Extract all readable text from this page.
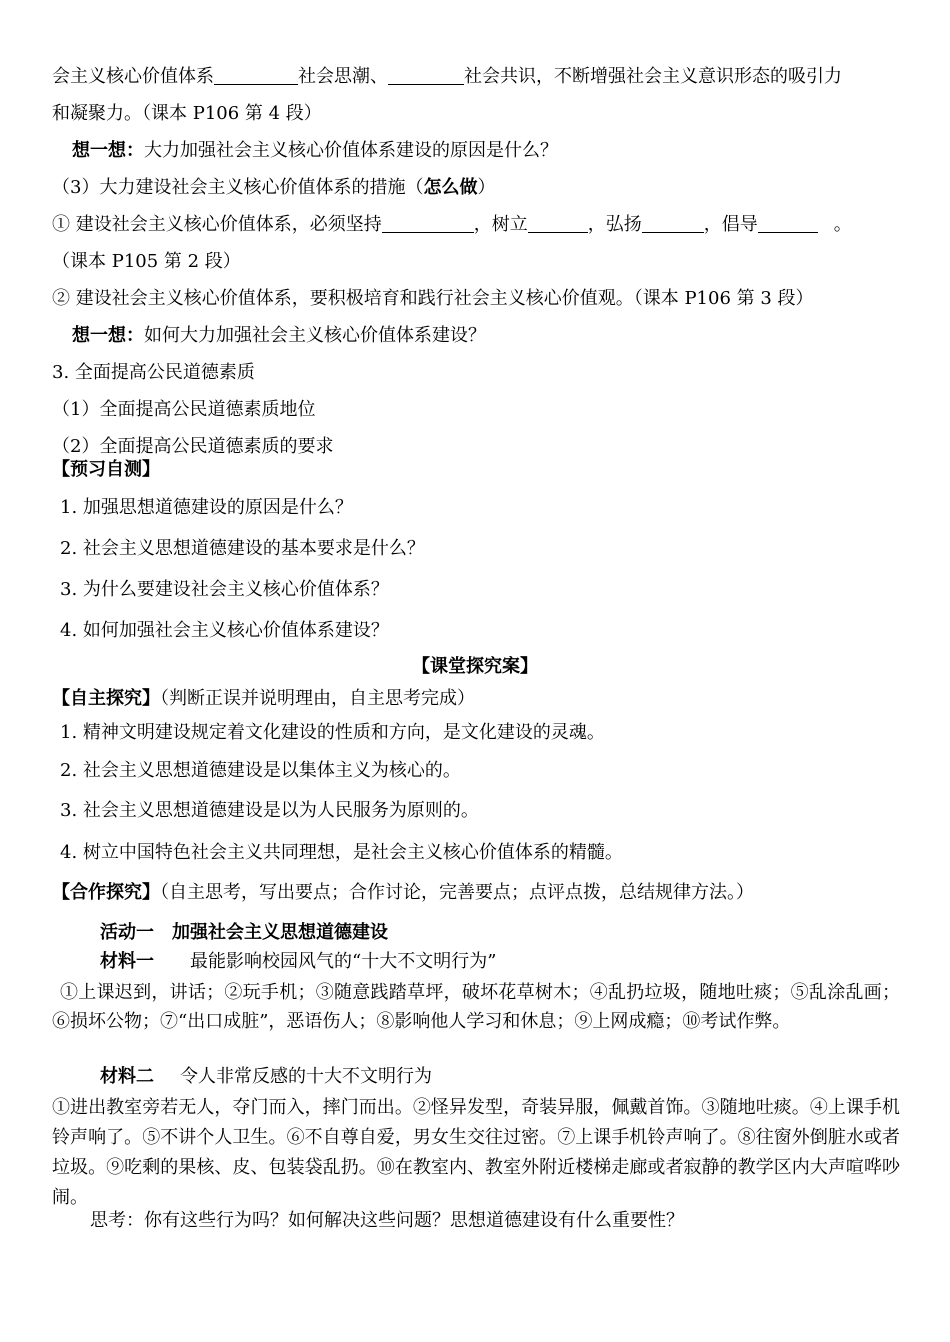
会主义核心价值体系	社会思潮、	社会共识，不断增强社会主义意识形态的吸引力
和凝聚力。（课本 P106 第 4 段）
想一想：大力加强社会主义核心价值体系建设的原因是什么？
（3）大力建设社会主义核心价值体系的措施（怎么做）
① 建设社会主义核心价值体系，必须坚持	，树立	，弘扬	，倡导	。
（课本 P105 第 2 段）
② 建设社会主义核心价值体系，要积极培育和践行社会主义核心价值观。（课本 P106 第 3 段）
想一想：如何大力加强社会主义核心价值体系建设？
3. 全面提高公民道德素质
（1）全面提高公民道德素质地位
（2）全面提高公民道德素质的要求
【预习自测】
1. 加强思想道德建设的原因是什么？
2. 社会主义思想道德建设的基本要求是什么？
3. 为什么要建设社会主义核心价值体系？
4. 如何加强社会主义核心价值体系建设？
【课堂探究案】
【自主探究】（判断正误并说明理由，自主思考完成）
1. 精神文明建设规定着文化建设的性质和方向，是文化建设的灵魂。
2. 社会主义思想道德建设是以集体主义为核心的。
3. 社会主义思想道德建设是以为人民服务为原则的。
4. 树立中国特色社会主义共同理想，是社会主义核心价值体系的精髓。
【合作探究】（自主思考，写出要点；合作讨论，完善要点；点评点拨，总结规律方法。）
活动一　加强社会主义思想道德建设
材料一 最能影响校园风气的“十大不文明行为”
①上课迟到，讲话；②玩手机；③随意践踏草坪，破坏花草树木；④乱扔垃圾，随地吐痰；⑤乱涂乱画；⑥损坏公物；⑦“出口成脏”，恶语伤人；⑧影响他人学习和休息；⑨上网成瘾；⑩考试作弊。
材料二 令人非常反感的十大不文明行为
①进出教室旁若无人，夺门而入，摔门而出。②怪异发型，奇装异服，佩戴首饰。③随地吐痰。④上课手机铃声响了。⑤不讲个人卫生。⑥不自尊自爱，男女生交往过密。⑦上课手机铃声响了。⑧往窗外倒脏水或者垃圾。⑨吃剩的果核、皮、包装袋乱扔。⑩在教室内、教室外附近楼梯走廊或者寂静的教学区内大声喧哗吵闹。
思考：你有这些行为吗？如何解决这些问题？思想道德建设有什么重要性？
